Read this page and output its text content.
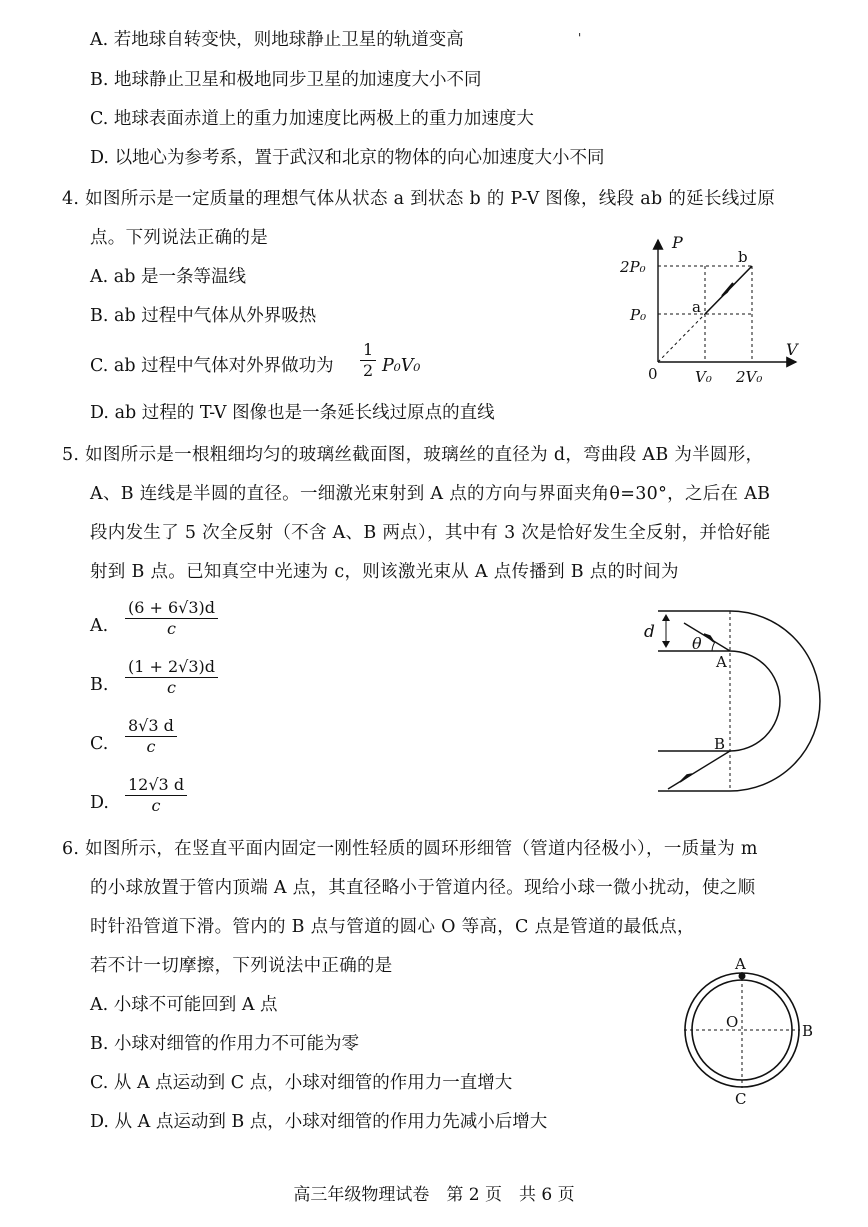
A. 若地球自转变快，则地球静止卫星的轨道变高	'
B. 地球静止卫星和极地同步卫星的加速度大小不同
C. 地球表面赤道上的重力加速度比两极上的重力加速度大
D. 以地心为参考系，置于武汉和北京的物体的向心加速度大小不同
4. 如图所示是一定质量的理想气体从状态 a 到状态 b 的 P-V 图像，线段 ab 的延长线过原
点。下列说法正确的是
A. ab 是一条等温线
B. ab 过程中气体从外界吸热
C. ab 过程中气体对外界做功为 $\frac{1}{2} P_0V_0$
D. ab 过程的 T-V 图像也是一条延长线过原点的直线
P
V
0
2P₀
P₀
V₀ 2V₀
a
b
5. 如图所示是一根粗细均匀的玻璃丝截面图，玻璃丝的直径为 d，弯曲段 AB 为半圆形，
A、B 连线是半圆的直径。一细激光束射到 A 点的方向与界面夹角θ=30°，之后在 AB
段内发生了 5 次全反射（不含 A、B 两点），其中有 3 次是恰好发生全反射，并恰好能
射到 B 点。已知真空中光速为 c，则该激光束从 A 点传播到 B 点的时间为
A. $\frac{(6 + 6√3)d}{c}$
B. $\frac{(1 + 2√3)d}{c}$
C. $\frac{8√3 d}{c}$
D. $\frac{12√3 d}{c}$
d
θ
A
B
6. 如图所示，在竖直平面内固定一刚性轻质的圆环形细管（管道内径极小），一质量为 m
的小球放置于管内顶端 A 点，其直径略小于管道内径。现给小球一微小扰动，使之顺
时针沿管道下滑。管内的 B 点与管道的圆心 O 等高，C 点是管道的最低点，
若不计一切摩擦，下列说法中正确的是
A. 小球不可能回到 A 点
B. 小球对细管的作用力不可能为零
C. 从 A 点运动到 C 点，小球对细管的作用力一直增大
D. 从 A 点运动到 B 点，小球对细管的作用力先减小后增大
A
B
C
O
高三年级物理试卷　第 2 页　共 6 页
